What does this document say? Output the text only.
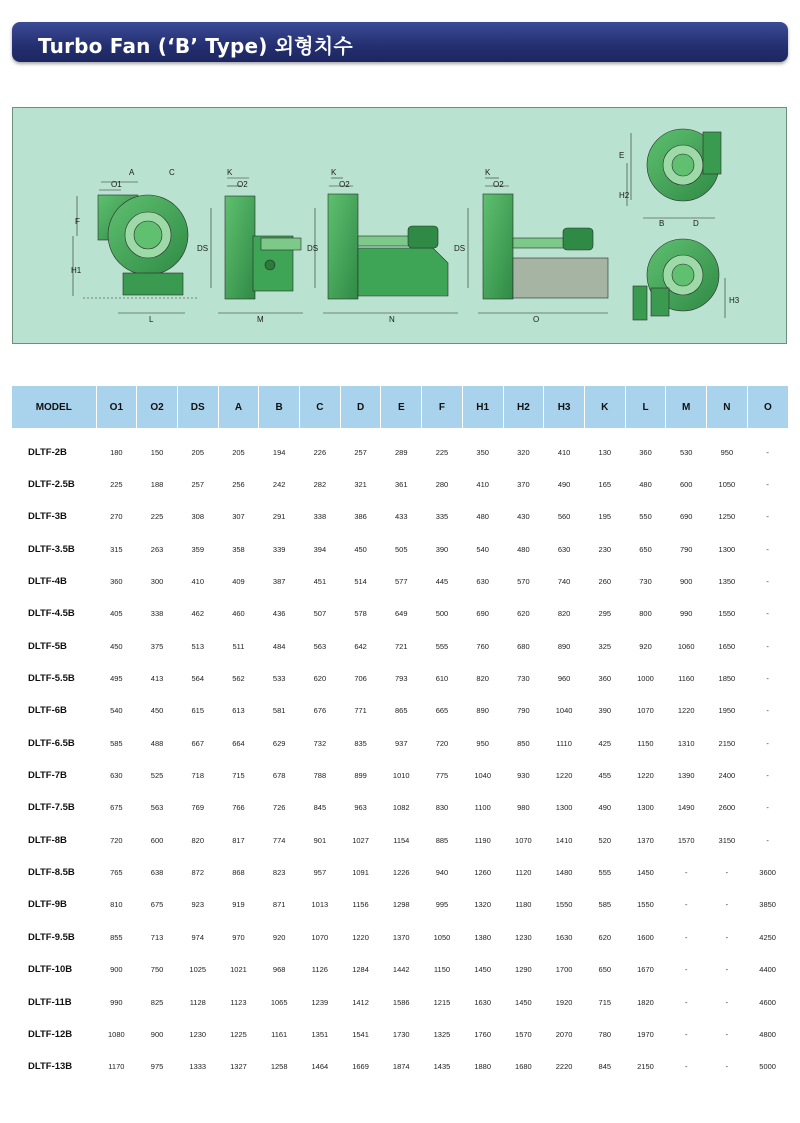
Turbo Fan (‘B’ Type) 외형치수
O1
A	C
F
H1
L
K
O2
DS
M
K
O2
DS
N
K
O2
DS
O
E
H2
B	D
H3
MODEL	O1	O2	DS	A	B	C	D	E	F	H1	H2	H3	K	L	M	N	O
DLTF-2B	180	150	205	205	194	226	257	289	225	350	320	410	130	360	530	950	-
DLTF-2.5B	225	188	257	256	242	282	321	361	280	410	370	490	165	480	600	1050	-
DLTF-3B	270	225	308	307	291	338	386	433	335	480	430	560	195	550	690	1250	-
DLTF-3.5B	315	263	359	358	339	394	450	505	390	540	480	630	230	650	790	1300	-
DLTF-4B	360	300	410	409	387	451	514	577	445	630	570	740	260	730	900	1350	-
DLTF-4.5B	405	338	462	460	436	507	578	649	500	690	620	820	295	800	990	1550	-
DLTF-5B	450	375	513	511	484	563	642	721	555	760	680	890	325	920	1060	1650	-
DLTF-5.5B	495	413	564	562	533	620	706	793	610	820	730	960	360	1000	1160	1850	-
DLTF-6B	540	450	615	613	581	676	771	865	665	890	790	1040	390	1070	1220	1950	-
DLTF-6.5B	585	488	667	664	629	732	835	937	720	950	850	1110	425	1150	1310	2150	-
DLTF-7B	630	525	718	715	678	788	899	1010	775	1040	930	1220	455	1220	1390	2400	-
DLTF-7.5B	675	563	769	766	726	845	963	1082	830	1100	980	1300	490	1300	1490	2600	-
DLTF-8B	720	600	820	817	774	901	1027	1154	885	1190	1070	1410	520	1370	1570	3150	-
DLTF-8.5B	765	638	872	868	823	957	1091	1226	940	1260	1120	1480	555	1450	-	-	3600
DLTF-9B	810	675	923	919	871	1013	1156	1298	995	1320	1180	1550	585	1550	-	-	3850
DLTF-9.5B	855	713	974	970	920	1070	1220	1370	1050	1380	1230	1630	620	1600	-	-	4250
DLTF-10B	900	750	1025	1021	968	1126	1284	1442	1150	1450	1290	1700	650	1670	-	-	4400
DLTF-11B	990	825	1128	1123	1065	1239	1412	1586	1215	1630	1450	1920	715	1820	-	-	4600
DLTF-12B	1080	900	1230	1225	1161	1351	1541	1730	1325	1760	1570	2070	780	1970	-	-	4800
DLTF-13B	1170	975	1333	1327	1258	1464	1669	1874	1435	1880	1680	2220	845	2150	-	-	5000
